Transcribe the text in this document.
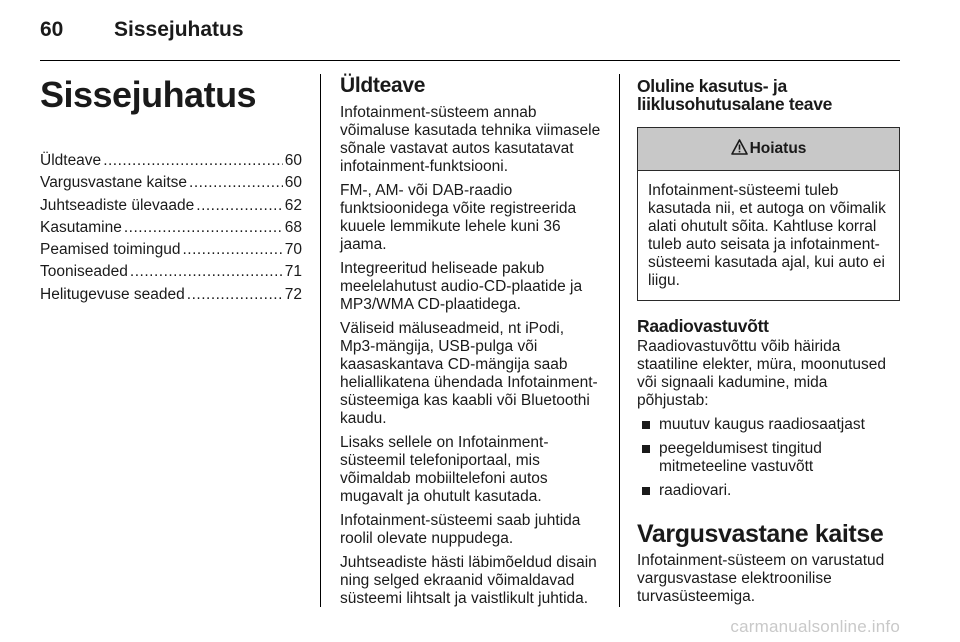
60 Sissejuhatus
Sissejuhatus
Üldteave .....	60
Vargusvastane kaitse .....	60
Juhtseadiste ülevaade .....	62
Kasutamine .....	68
Peamised toimingud .....	70
Tooniseaded .....	71
Helitugevuse seaded .....	72
Üldteave

Infotainment-süsteem annab võimaluse kasutada tehnika viimasele sõnale vastavat autos kasutatavat infotainment-funktsiooni.

FM-, AM- või DAB-raadio funktsioonidega võite registreerida kuuele lemmikute lehele kuni 36 jaama.

Integreeritud heliseade pakub meelelahutust audio-CD-plaatide ja MP3/WMA CD-plaatidega.

Väliseid mäluseadmeid, nt iPodi, Mp3-mängija, USB-pulga või kaasaskantava CD-mängija saab heliallikatena ühendada Infotainment-süsteemiga kas kaabli või Bluetoothi kaudu.

Lisaks sellele on Infotainment-süsteemil telefoniportaal, mis võimaldab mobiiltelefoni autos mugavalt ja ohutult kasutada.

Infotainment-süsteemi saab juhtida roolil olevate nuppudega.

Juhtseadiste hästi läbimõeldud disain ning selged ekraanid võimaldavad süsteemi lihtsalt ja vaistlikult juhtida.

Oluline kasutus- ja
liiklusohutusalane teave
Hoiatus
Infotainment-süsteemi tuleb kasutada nii, et autoga on võimalik alati ohutult sõita. Kahtluse korral tuleb auto seisata ja infotainment-süsteemi kasutada ajal, kui auto ei liigu.
Raadiovastuvõtt

Raadiovastuvõttu võib häirida staatiline elekter, müra, moonutused või signaali kadumine, mida põhjustab:

muutuv kaugus raadiosaatjast
peegeldumisest tingitud mitmeteeline vastuvõtt
raadiovari.
Vargusvastane kaitse

Infotainment-süsteem on varustatud vargusvastase elektroonilise turvasüsteemiga.

carmanualsonline.info
